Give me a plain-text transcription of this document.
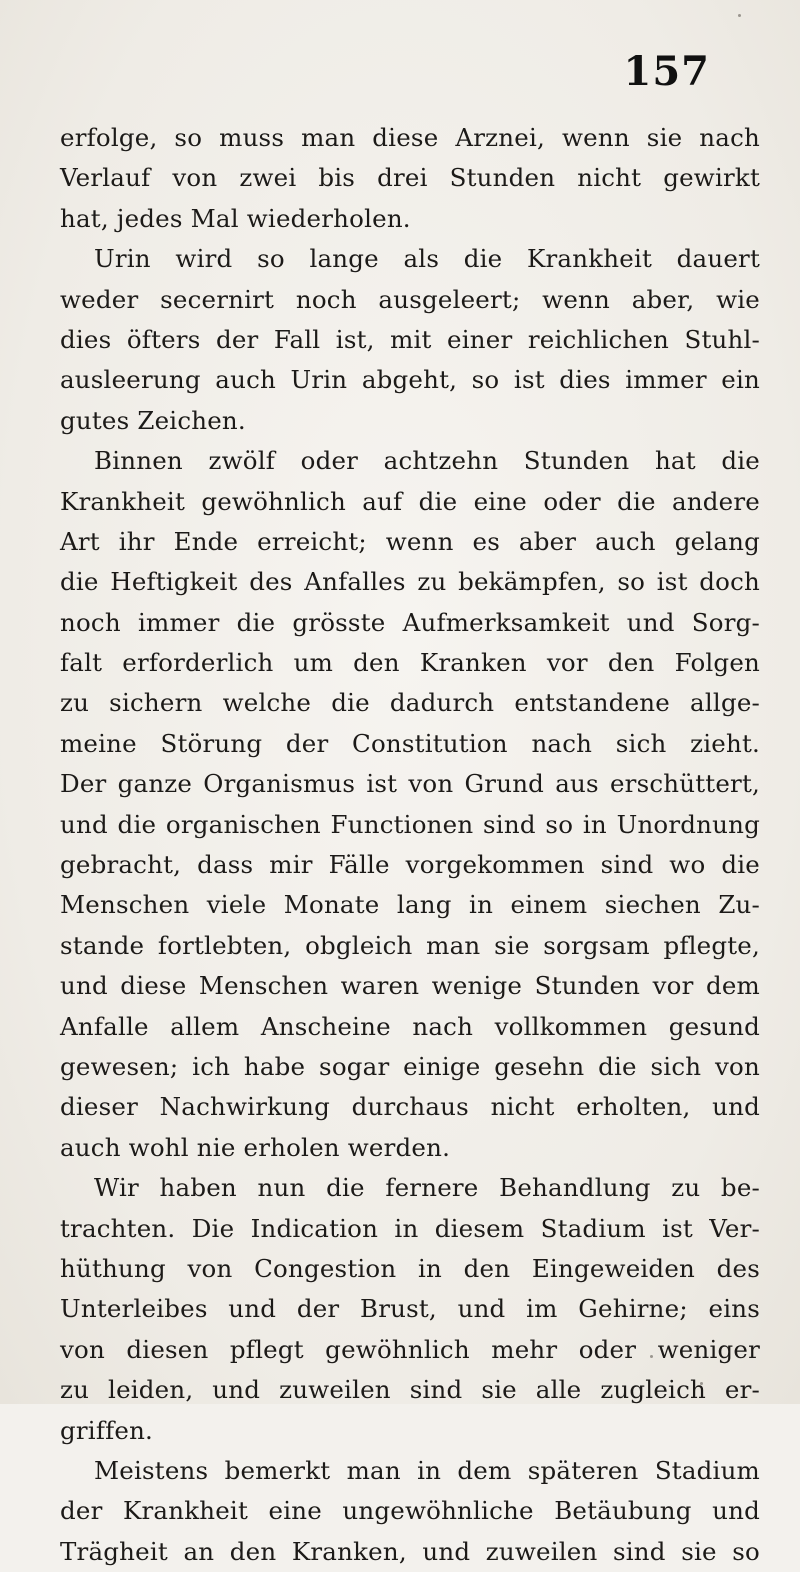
157
erfolge, so muss man diese Arznei, wenn sie nach
Verlauf von zwei bis drei Stunden nicht gewirkt
hat, jedes Mal wiederholen.
Urin wird so lange als die Krankheit dauert
weder secernirt noch ausgeleert; wenn aber, wie
dies öfters der Fall ist, mit einer reichlichen Stuhl-
ausleerung auch Urin abgeht, so ist dies immer ein
gutes Zeichen.
Binnen zwölf oder achtzehn Stunden hat die
Krankheit gewöhnlich auf die eine oder die andere
Art ihr Ende erreicht; wenn es aber auch gelang
die Heftigkeit des Anfalles zu bekämpfen, so ist doch
noch immer die grösste Aufmerksamkeit und Sorg-
falt erforderlich um den Kranken vor den Folgen
zu sichern welche die dadurch entstandene allge-
meine Störung der Constitution nach sich zieht.
Der ganze Organismus ist von Grund aus erschüttert,
und die organischen Functionen sind so in Unordnung
gebracht, dass mir Fälle vorgekommen sind wo die
Menschen viele Monate lang in einem siechen Zu-
stande fortlebten, obgleich man sie sorgsam pflegte,
und diese Menschen waren wenige Stunden vor dem
Anfalle allem Anscheine nach vollkommen gesund
gewesen; ich habe sogar einige gesehn die sich von
dieser Nachwirkung durchaus nicht erholten, und
auch wohl nie erholen werden.
Wir haben nun die fernere Behandlung zu be-
trachten. Die Indication in diesem Stadium ist Ver-
hüthung von Congestion in den Eingeweiden des
Unterleibes und der Brust, und im Gehirne; eins
von diesen pflegt gewöhnlich mehr oder weniger
zu leiden, und zuweilen sind sie alle zugleich er-
griffen.
Meistens bemerkt man in dem späteren Stadium
der Krankheit eine ungewöhnliche Betäubung und
Trägheit an den Kranken, und zuweilen sind sie so
